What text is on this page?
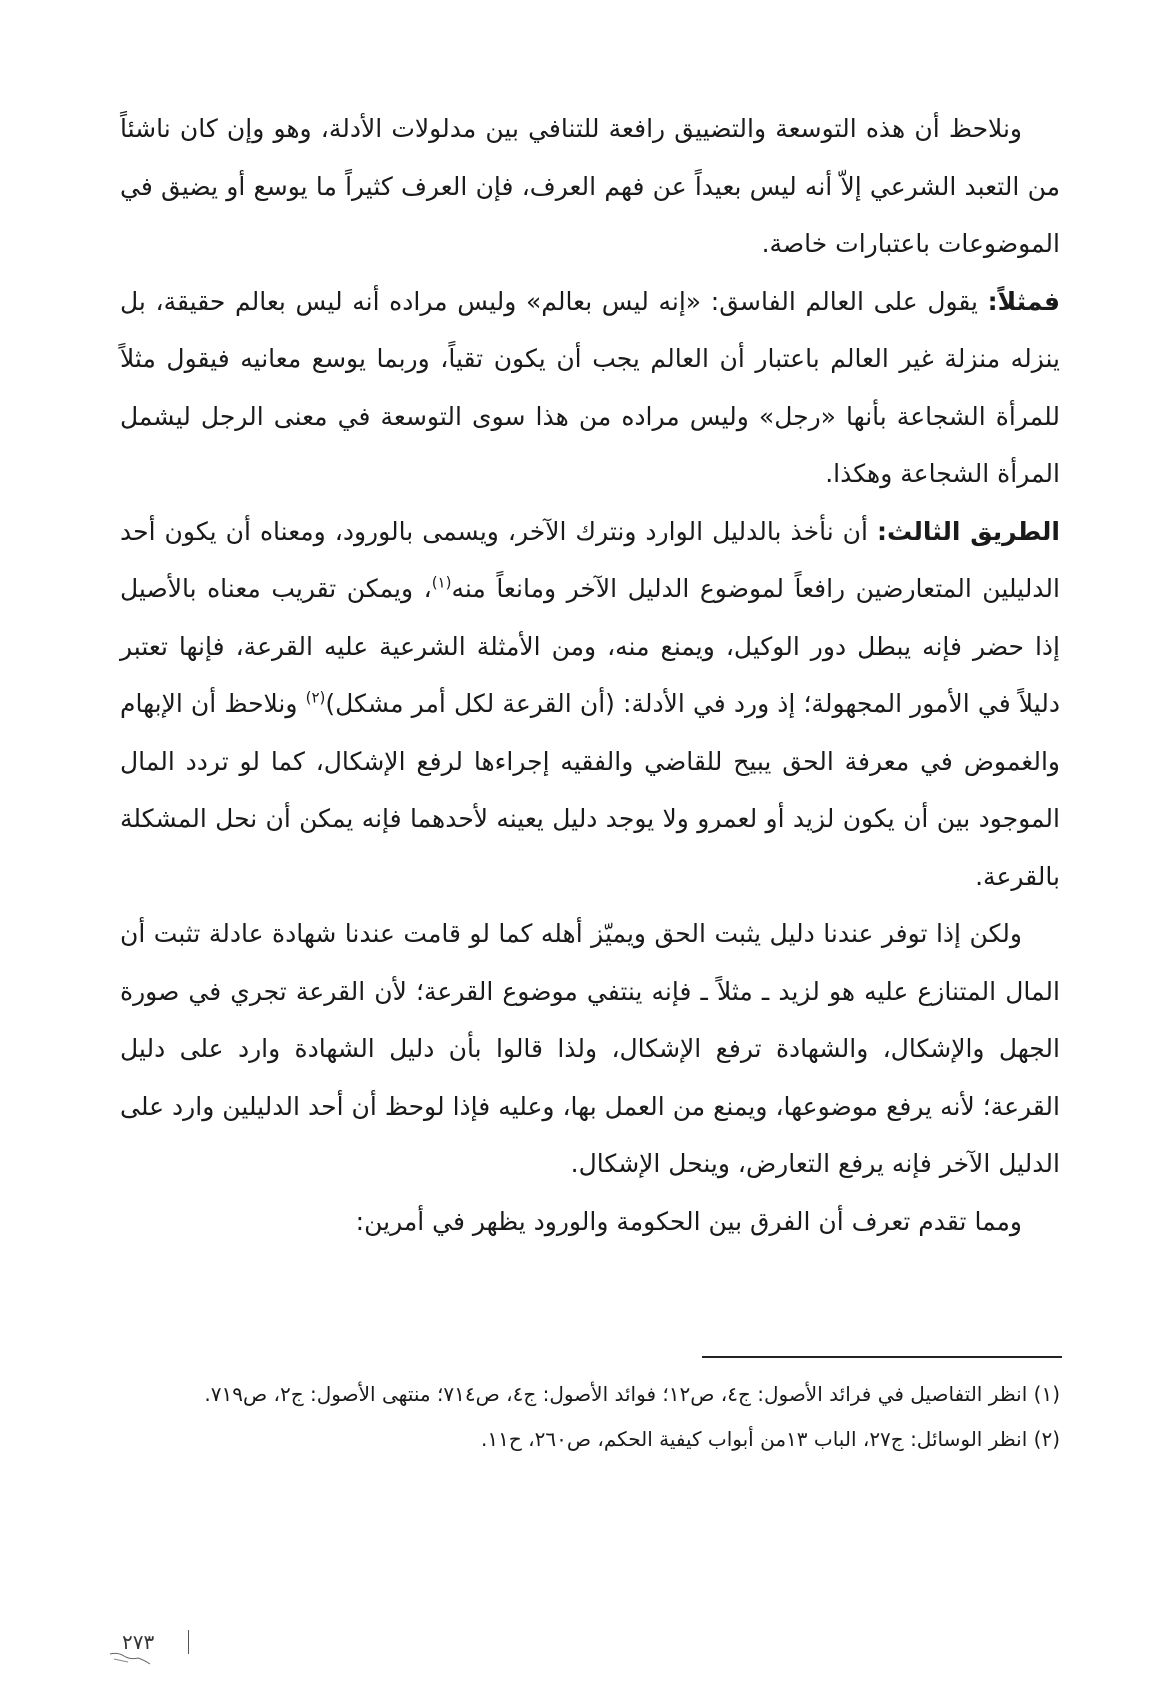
ونلاحظ أن هذه التوسعة والتضييق رافعة للتنافي بين مدلولات الأدلة، وهو وإن كان ناشئاً من التعبد الشرعي إلاّ أنه ليس بعيداً عن فهم العرف، فإن العرف كثيراً ما يوسع أو يضيق في الموضوعات باعتبارات خاصة.

فمثلاً: يقول على العالم الفاسق: «إنه ليس بعالم» وليس مراده أنه ليس بعالم حقيقة، بل ينزله منزلة غير العالم باعتبار أن العالم يجب أن يكون تقياً، وربما يوسع معانيه فيقول مثلاً للمرأة الشجاعة بأنها «رجل» وليس مراده من هذا سوى التوسعة في معنى الرجل ليشمل المرأة الشجاعة وهكذا.

الطريق الثالث: أن نأخذ بالدليل الوارد ونترك الآخر، ويسمى بالورود، ومعناه أن يكون أحد الدليلين المتعارضين رافعاً لموضوع الدليل الآخر ومانعاً منه$^{(١)}$، ويمكن تقريب معناه بالأصيل إذا حضر فإنه يبطل دور الوكيل، ويمنع منه، ومن الأمثلة الشرعية عليه القرعة، فإنها تعتبر دليلاً في الأمور المجهولة؛ إذ ورد في الأدلة: (أن القرعة لكل أمر مشكل)$^{(٢)}$ ونلاحظ أن الإبهام والغموض في معرفة الحق يبيح للقاضي والفقيه إجراءها لرفع الإشكال، كما لو تردد المال الموجود بين أن يكون لزيد أو لعمرو ولا يوجد دليل يعينه لأحدهما فإنه يمكن أن نحل المشكلة بالقرعة.

ولكن إذا توفر عندنا دليل يثبت الحق ويميّز أهله كما لو قامت عندنا شهادة عادلة تثبت أن المال المتنازع عليه هو لزيد ـ مثلاً ـ فإنه ينتفي موضوع القرعة؛ لأن القرعة تجري في صورة الجهل والإشكال، والشهادة ترفع الإشكال، ولذا قالوا بأن دليل الشهادة وارد على دليل القرعة؛ لأنه يرفع موضوعها، ويمنع من العمل بها، وعليه فإذا لوحظ أن أحد الدليلين وارد على الدليل الآخر فإنه يرفع التعارض، وينحل الإشكال.

ومما تقدم تعرف أن الفرق بين الحكومة والورود يظهر في أمرين:

(١) انظر التفاصيل في فرائد الأصول: ج٤، ص١٢؛ فوائد الأصول: ج٤، ص٧١٤؛ منتهى الأصول: ج٢، ص٧١٩.

(٢) انظر الوسائل: ج٢٧، الباب ١٣من أبواب كيفية الحكم، ص٢٦٠، ح١١.

٢٧٣
